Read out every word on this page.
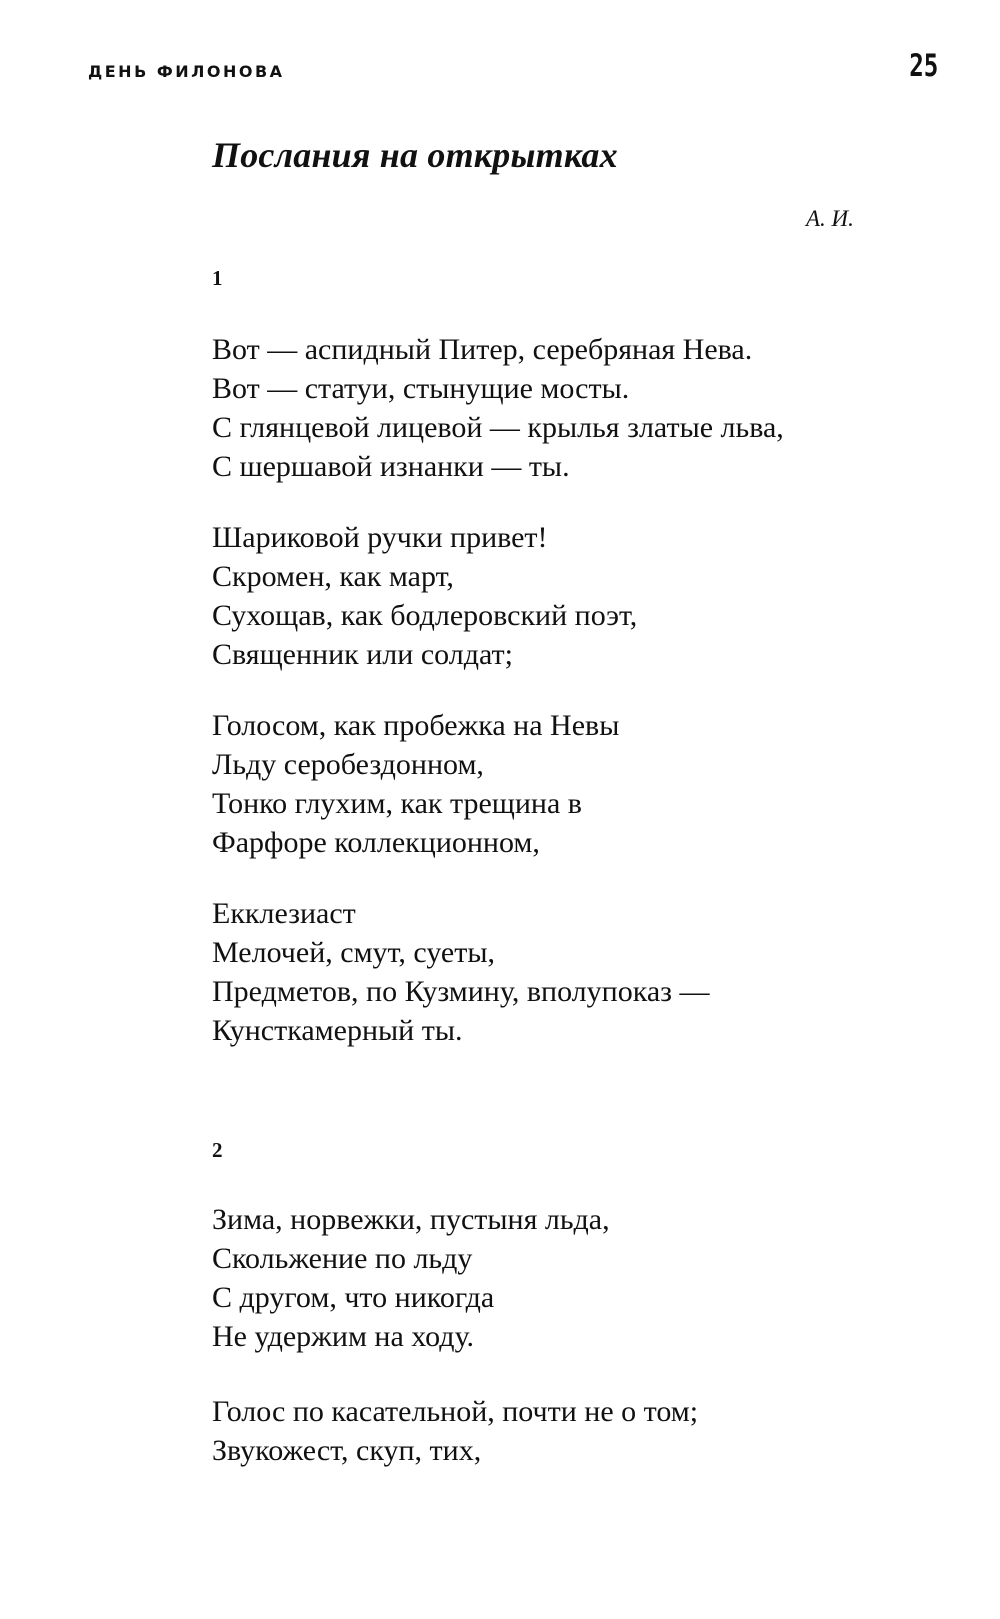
ДЕНЬ ФИЛОНОВА	25
Послания на открытках
А. И.
1
Вот — аспидный Питер, серебряная Нева.
Вот — статуи, стынущие мосты.
С глянцевой лицевой — крылья златые льва,
С шершавой изнанки — ты.
Шариковой ручки привет!
Скромен, как март,
Сухощав, как бодлеровский поэт,
Священник или солдат;
Голосом, как пробежка на Невы
Льду серобездонном,
Тонко глухим, как трещина в
Фарфоре коллекционном,
Екклезиаст
Мелочей, смут, суеты,
Предметов, по Кузмину, вполупоказ —
Кунсткамерный ты.
2
Зима, норвежки, пустыня льда,
Скольжение по льду
С другом, что никогда
Не удержим на ходу.
Голос по касательной, почти не о том;
Звукожест, скуп, тих,
